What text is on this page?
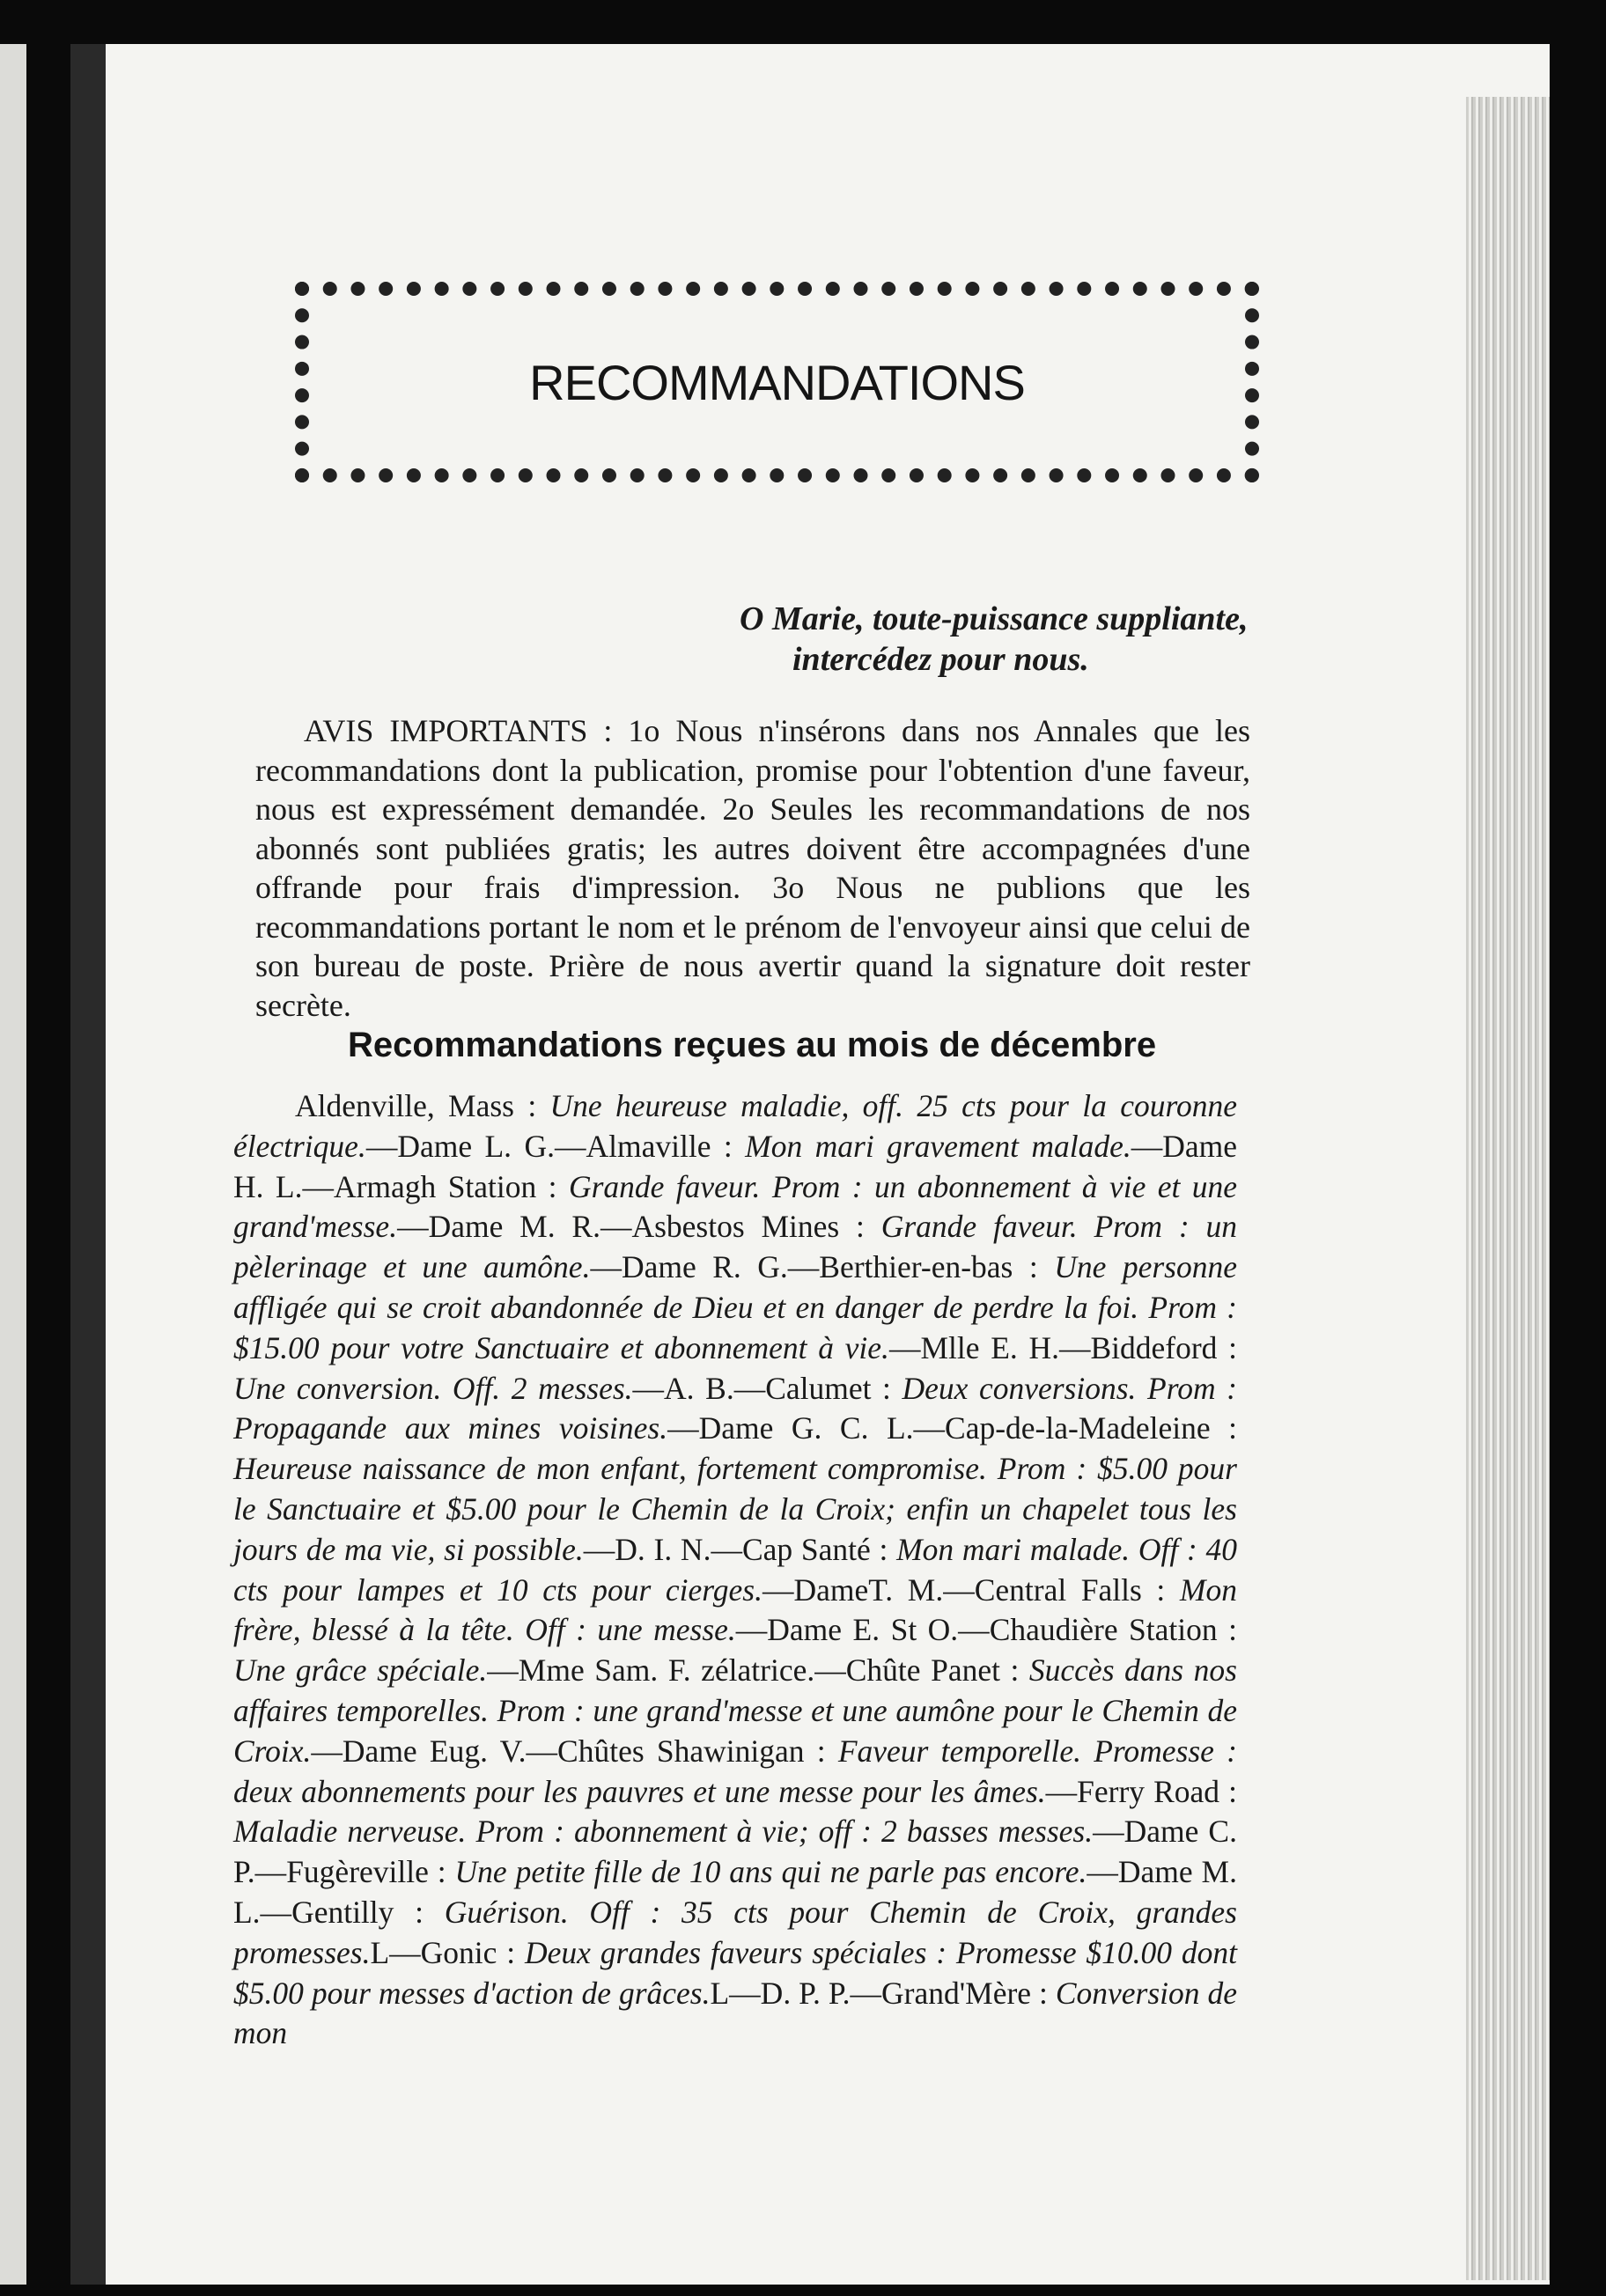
RECOMMANDATIONS
O Marie, toute-puissance suppliante,
intercédez pour nous.
AVIS IMPORTANTS : 1o Nous n'insérons dans nos Annales que les recommandations dont la publication, promise pour l'obtention d'une faveur, nous est expressément demandée. 2o Seules les recommandations de nos abonnés sont publiées gratis; les autres doivent être accompagnées d'une offrande pour frais d'impression. 3o Nous ne publions que les recommandations portant le nom et le prénom de l'envoyeur ainsi que celui de son bureau de poste. Prière de nous avertir quand la signature doit rester secrète.
Recommandations reçues au mois de décembre
Aldenville, Mass : Une heureuse maladie, off. 25 cts pour la couronne électrique.—Dame L. G.—Almaville : Mon mari gravement malade.—Dame H. L.—Armagh Station : Grande faveur. Prom : un abonnement à vie et une grand'messe.—Dame M. R.—Asbestos Mines : Grande faveur. Prom : un pèlerinage et une aumône.—Dame R. G.—Berthier-en-bas : Une personne affligée qui se croit abandonnée de Dieu et en danger de perdre la foi. Prom : $15.00 pour votre Sanctuaire et abonnement à vie.—Mlle E. H.—Biddeford : Une conversion. Off. 2 messes.—A. B.—Calumet : Deux conversions. Prom : Propagande aux mines voisines.—Dame G. C. L.—Cap-de-la-Madeleine : Heureuse naissance de mon enfant, fortement compromise. Prom : $5.00 pour le Sanctuaire et $5.00 pour le Chemin de la Croix; enfin un chapelet tous les jours de ma vie, si possible.—D. I. N.—Cap Santé : Mon mari malade. Off : 40 cts pour lampes et 10 cts pour cierges.—DameT. M.—Central Falls : Mon frère, blessé à la tête. Off : une messe.—Dame E. St O.—Chaudière Station : Une grâce spéciale.—Mme Sam. F. zélatrice.—Chûte Panet : Succès dans nos affaires temporelles. Prom : une grand'messe et une aumône pour le Chemin de Croix.—Dame Eug. V.—Chûtes Shawinigan : Faveur temporelle. Promesse : deux abonnements pour les pauvres et une messe pour les âmes.—Ferry Road : Maladie nerveuse. Prom : abonnement à vie; off : 2 basses messes.—Dame C. P.—Fugèreville : Une petite fille de 10 ans qui ne parle pas encore.—Dame M. L.—Gentilly : Guérison. Off : 35 cts pour Chemin de Croix, grandes promesses.L—Gonic : Deux grandes faveurs spéciales : Promesse $10.00 dont $5.00 pour messes d'action de grâces.L—D. P. P.—Grand'Mère : Conversion de mon
